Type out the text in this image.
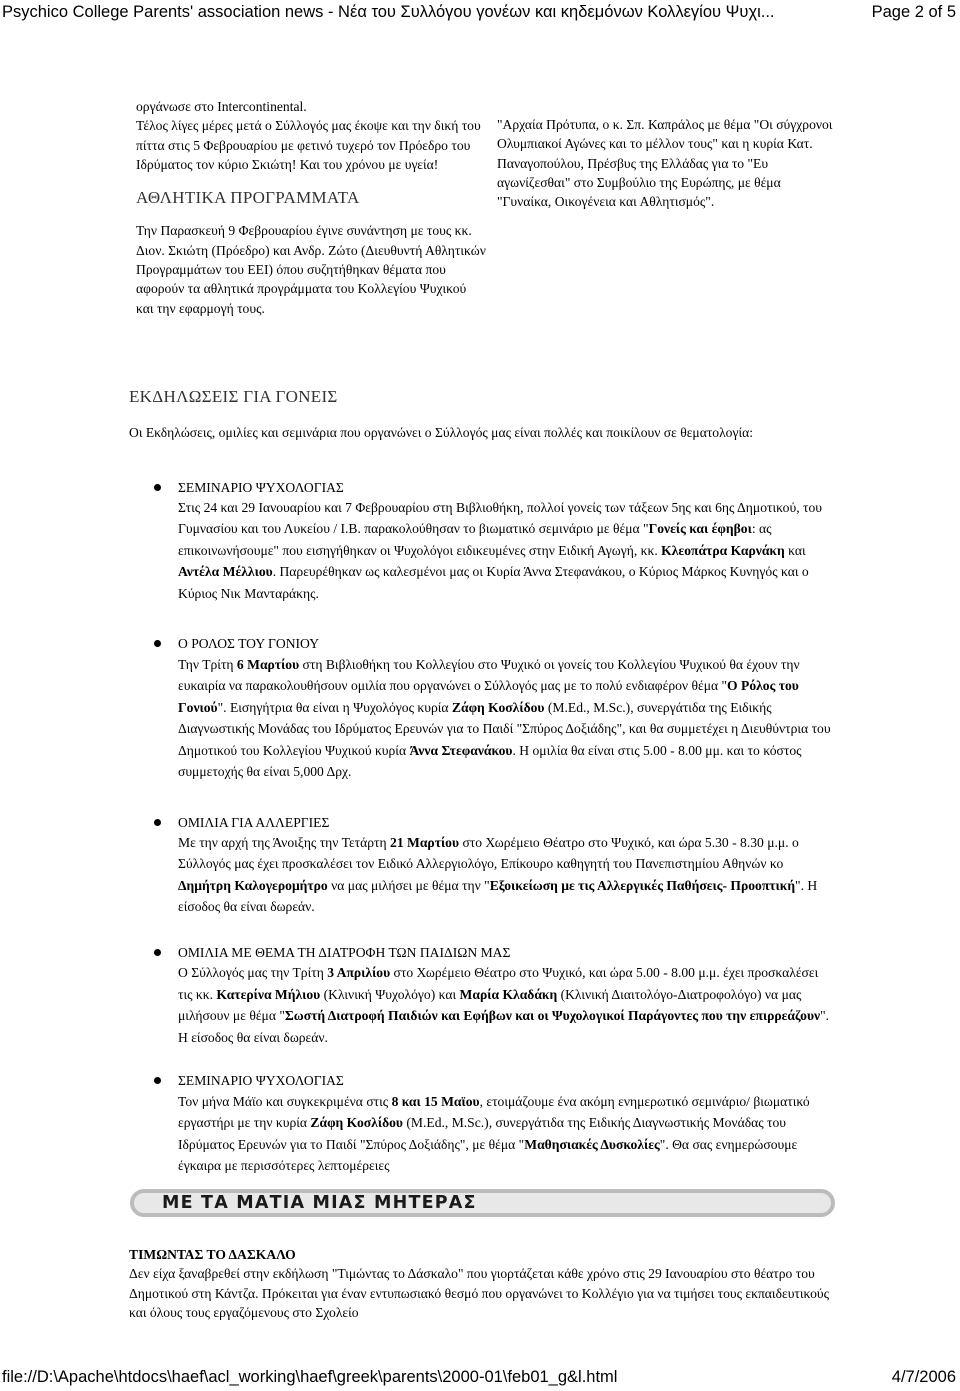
Psychico College Parents' association news - Νέα του Συλλόγου γονέων και κηδεμόνων Κολλεγίου Ψυχι...	Page 2 of 5

οργάνωσε στο Intercontinental.

Τέλος λίγες μέρες μετά ο Σύλλογός μας έκοψε και την δική του πίττα στις 5 Φεβρουαρίου με φετινό τυχερό τον Πρόεδρο του Ιδρύματος τον κύριο Σκιώτη! Και του χρόνου με υγεία!

ΑΘΛΗΤΙΚΑ ΠΡΟΓΡΑΜΜΑΤΑ

Την Παρασκευή 9 Φεβρουαρίου έγινε συνάντηση με τους κκ. Διον. Σκιώτη (Πρόεδρο) και Ανδρ. Ζώτο (Διευθυντή Αθλητικών Προγραμμάτων του ΕΕΙ) όπου συζητήθηκαν θέματα που αφορούν τα αθλητικά προγράμματα του Κολλεγίου Ψυχικού και την εφαρμογή τους.

"Αρχαία Πρότυπα, ο κ. Σπ. Καπράλος με θέμα "Οι σύγχρονοι Ολυμπιακοί Αγώνες και το μέλλον τους" και η κυρία Κατ. Παναγοπούλου, Πρέσβυς της Ελλάδας για το "Ευ αγωνίζεσθαι" στο Συμβούλιο της Ευρώπης, με θέμα "Γυναίκα, Οικογένεια και Αθλητισμός".

ΕΚΔΗΛΩΣΕΙΣ ΓΙΑ ΓΟΝΕΙΣ

Οι Εκδηλώσεις, ομιλίες και σεμινάρια που οργανώνει ο Σύλλογός μας είναι πολλές και ποικίλουν σε θεματολογία:

ΣΕΜΙΝΑΡΙΟ ΨΥΧΟΛΟΓΙΑΣ
Στις 24 και 29 Ιανουαρίου και 7 Φεβρουαρίου στη Βιβλιοθήκη, πολλοί γονείς των τάξεων 5ης και 6ης Δημοτικού, του Γυμνασίου και του Λυκείου / Ι.Β. παρακολούθησαν το βιωματικό σεμινάριο με θέμα "Γονείς και έφηβοι: ας επικοινωνήσουμε" που εισηγήθηκαν οι Ψυχολόγοι ειδικευμένες στην Ειδική Αγωγή, κκ. Κλεοπάτρα Καρνάκη και Αντέλα Μέλλιου. Παρευρέθηκαν ως καλεσμένοι μας οι Κυρία Άννα Στεφανάκου, ο Κύριος Μάρκος Κυνηγός και ο Κύριος Νικ Μανταράκης.
Ο ΡΟΛΟΣ ΤΟΥ ΓΟΝΙΟΥ
Την Τρίτη 6 Μαρτίου στη Βιβλιοθήκη του Κολλεγίου στο Ψυχικό οι γονείς του Κολλεγίου Ψυχικού θα έχουν την ευκαιρία να παρακολουθήσουν ομιλία που οργανώνει ο Σύλλογός μας με το πολύ ενδιαφέρον θέμα "Ο Ρόλος του Γονιού". Εισηγήτρια θα είναι η Ψυχολόγος κυρία Ζάφη Κοσλίδου (M.Ed., M.Sc.), συνεργάτιδα της Ειδικής Διαγνωστικής Μονάδας του Ιδρύματος Ερευνών για το Παιδί "Σπύρος Δοξιάδης", και θα συμμετέχει η Διευθύντρια του Δημοτικού του Κολλεγίου Ψυχικού κυρία Άννα Στεφανάκου. Η ομιλία θα είναι στις 5.00 - 8.00 μμ. και το κόστος συμμετοχής θα είναι 5,000 Δρχ.
ΟΜΙΛΙΑ ΓΙΑ ΑΛΛΕΡΓΙΕΣ
Με την αρχή της Άνοιξης την Τετάρτη 21 Μαρτίου στο Χωρέμειο Θέατρο στο Ψυχικό, και ώρα 5.30 - 8.30 μ.μ. ο Σύλλογός μας έχει προσκαλέσει τον Ειδικό Αλλεργιολόγο, Επίκουρο καθηγητή του Πανεπιστημίου Αθηνών κο Δημήτρη Καλογερομήτρο να μας μιλήσει με θέμα την "Εξοικείωση με τις Αλλεργικές Παθήσεις- Προοπτική". Η είσοδος θα είναι δωρεάν.
ΟΜΙΛΙΑ ΜΕ ΘΕΜΑ ΤΗ ΔΙΑΤΡΟΦΗ ΤΩΝ ΠΑΙΔΙΩΝ ΜΑΣ
Ο Σύλλογός μας την Τρίτη 3 Απριλίου στο Χωρέμειο Θέατρο στο Ψυχικό, και ώρα 5.00 - 8.00 μ.μ. έχει προσκαλέσει τις κκ. Κατερίνα Μήλιου (Κλινική Ψυχολόγο) και Μαρία Κλαδάκη (Κλινική Διαιτολόγο-Διατροφολόγο) να μας μιλήσουν με θέμα "Σωστή Διατροφή Παιδιών και Εφήβων και οι Ψυχολογικοί Παράγοντες που την επιρρεάζουν". Η είσοδος θα είναι δωρεάν.
ΣΕΜΙΝΑΡΙΟ ΨΥΧΟΛΟΓΙΑΣ
Τον μήνα Μάϊο και συγκεκριμένα στις 8 και 15 Μαϊου, ετοιμάζουμε ένα ακόμη ενημερωτικό σεμινάριο/ βιωματικό εργαστήρι με την κυρία Ζάφη Κοσλίδου (M.Ed., M.Sc.), συνεργάτιδα της Ειδικής Διαγνωστικής Μονάδας του Ιδρύματος Ερευνών για το Παιδί "Σπύρος Δοξιάδης", με θέμα "Μαθησιακές Δυσκολίες". Θα σας ενημερώσουμε έγκαιρα με περισσότερες λεπτομέρειες
ΜΕ ΤΑ ΜΑΤΙΑ ΜΙΑΣ ΜΗΤΕΡΑΣ

ΤΙΜΩΝΤΑΣ ΤΟ ΔΑΣΚΑΛΟ

Δεν είχα ξαναβρεθεί στην εκδήλωση "Τιμώντας το Δάσκαλο" που γιορτάζεται κάθε χρόνο στις 29 Ιανουαρίου στο θέατρο του Δημοτικού στη Κάντζα. Πρόκειται για έναν εντυπωσιακό θεσμό που οργανώνει το Κολλέγιο για να τιμήσει τους εκπαιδευτικούς και όλους τους εργαζόμενους στο Σχολείο

file://D:\Apache\htdocs\haef\acl_working\haef\greek\parents\2000-01\feb01_g&l.html	4/7/2006
